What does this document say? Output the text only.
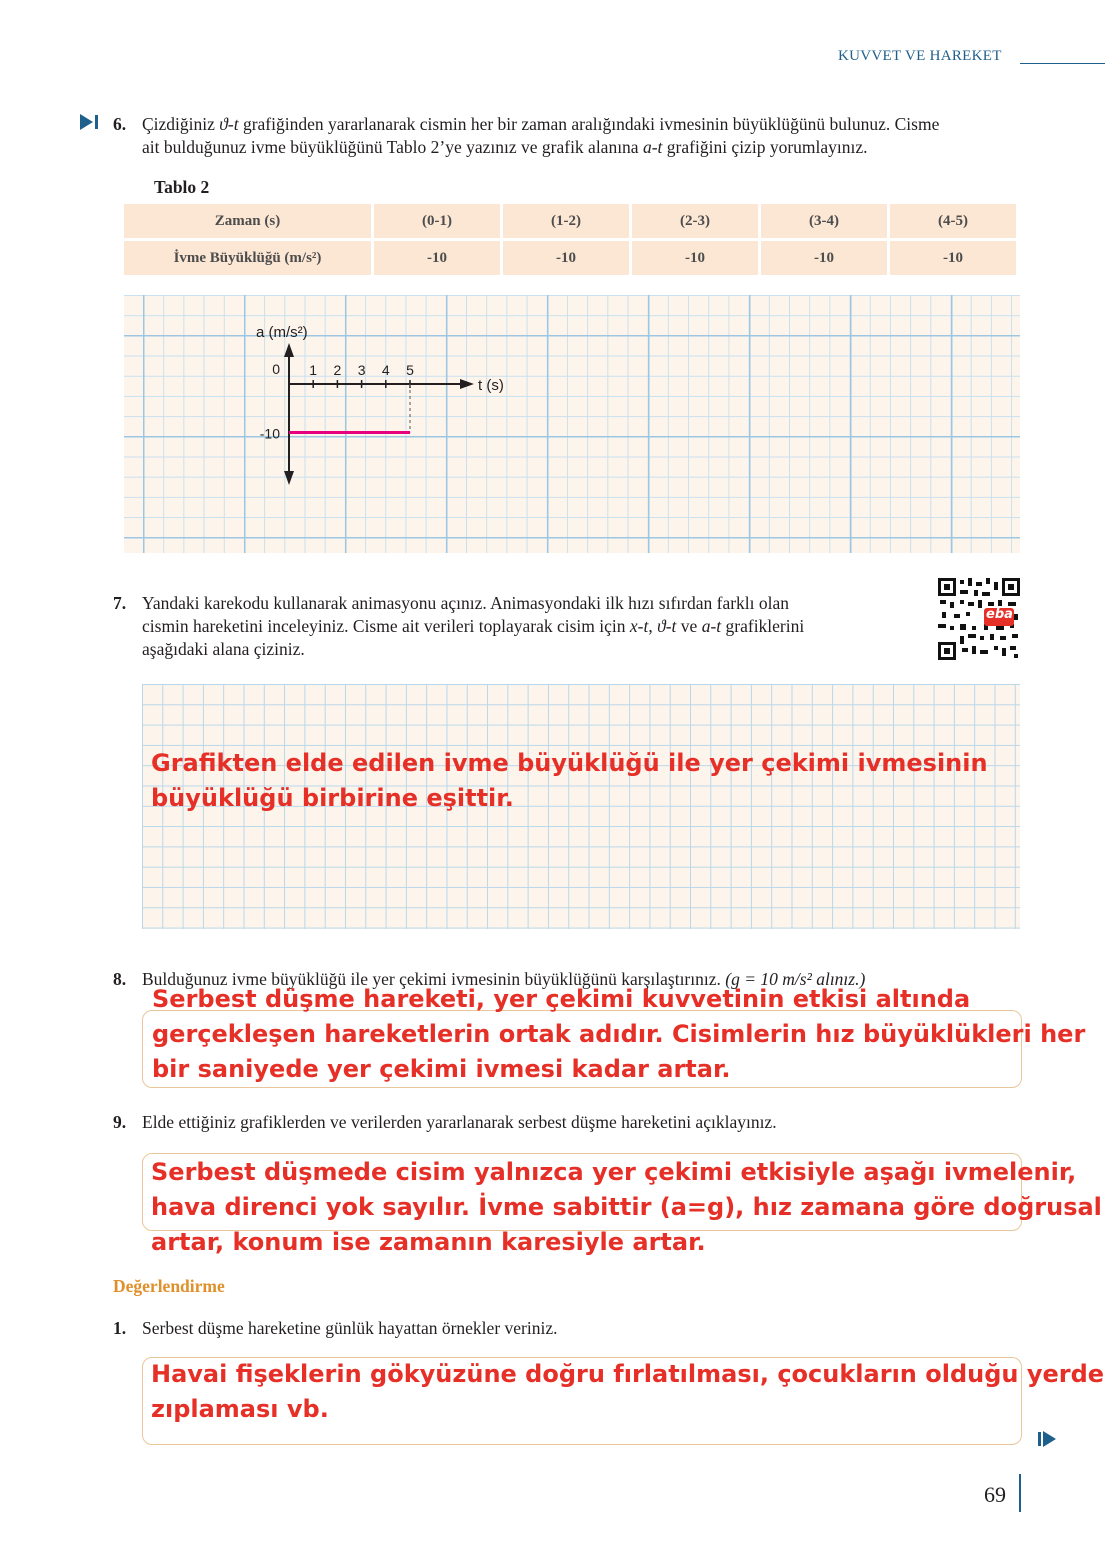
KUVVET VE HAREKET
6. Çizdiğiniz ϑ-t grafiğinden yararlanarak cismin her bir zaman aralığındaki ivmesinin büyüklüğünü bulunuz. Cisme
ait bulduğunuz ivme büyüklüğünü Tablo 2’ye yazınız ve grafik alanına a-t grafiğini çizip yorumlayınız.
Tablo 2
Zaman (s)	(0-1)	(1-2)	(2-3)	(3-4)	(4-5)
İvme Büyüklüğü (m/s²)	-10	-10	-10	-10	-10
1 2 3 4 5
0
-10
a (m/s²)
t (s)
7. Yandaki karekodu kullanarak animasyonu açınız. Animasyondaki ilk hızı sıfırdan farklı olan
cismin hareketini inceleyiniz. Cisme ait verileri toplayarak cisim için x-t, ϑ-t ve a-t grafiklerini
aşağıdaki alana çiziniz.
eba
Grafikten elde edilen ivme büyüklüğü ile yer çekimi ivmesinin
büyüklüğü birbirine eşittir.
8. Bulduğunuz ivme büyüklüğü ile yer çekimi ivmesinin büyüklüğünü karşılaştırınız. (g = 10 m/s² alınız.)
Serbest düşme hareketi, yer çekimi kuvvetinin etkisi altında
gerçekleşen hareketlerin ortak adıdır. Cisimlerin hız büyüklükleri her
bir saniyede yer çekimi ivmesi kadar artar.
9. Elde ettiğiniz grafiklerden ve verilerden yararlanarak serbest düşme hareketini açıklayınız.
Serbest düşmede cisim yalnızca yer çekimi etkisiyle aşağı ivmelenir,
hava direnci yok sayılır. İvme sabittir (a=g), hız zamana göre doğrusal
artar, konum ise zamanın karesiyle artar.
Değerlendirme
1. Serbest düşme hareketine günlük hayattan örnekler veriniz.
Havai fişeklerin gökyüzüne doğru fırlatılması, çocukların olduğu yerde
zıplaması vb.
69
